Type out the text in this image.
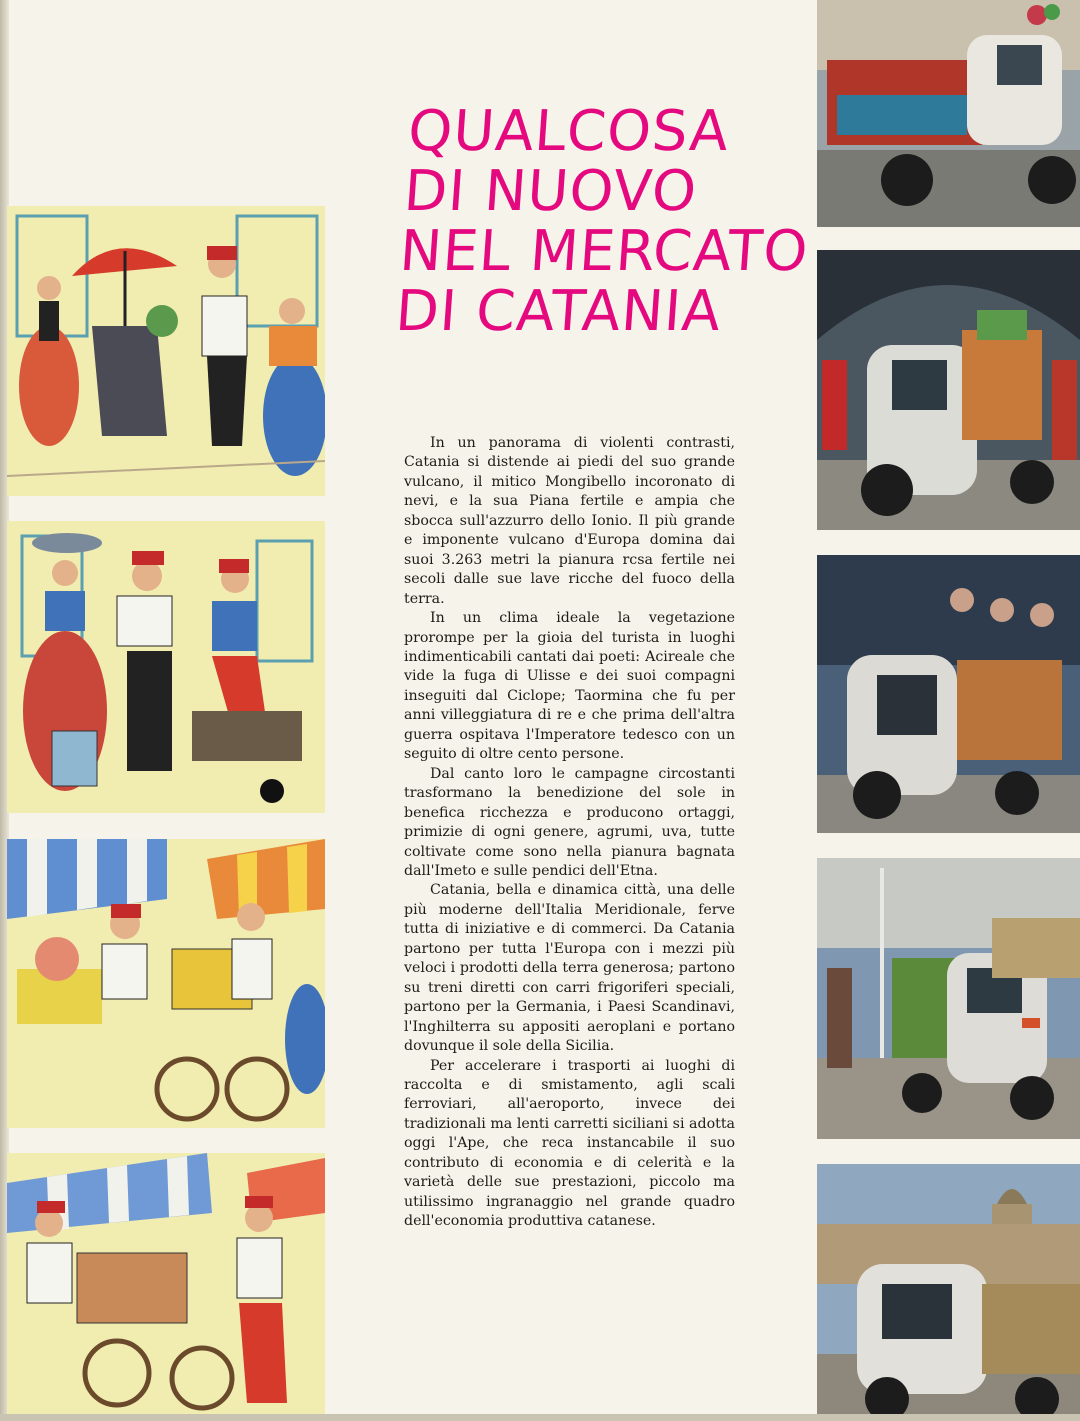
QUALCOSA
DI NUOVO
NEL MERCATO
DI CATANIA

In un panorama di violenti contrasti, Catania si distende ai piedi del suo grande vulcano, il mitico Mongibello incoronato di nevi, e la sua Piana fertile e ampia che sbocca sull'azzurro dello Ionio. Il più grande e imponente vulcano d'Europa domina dai suoi 3.263 metri la pianura rcsa fertile nei secoli dalle sue lave ricche del fuoco della terra.

In un clima ideale la vegetazione prorompe per la gioia del turista in luoghi indimenticabili cantati dai poeti: Acireale che vide la fuga di Ulisse e dei suoi compagni inseguiti dal Ciclope; Taormina che fu per anni villeggiatura di re e che prima dell'altra guerra ospitava l'Imperatore tedesco con un seguito di oltre cento persone.

Dal canto loro le campagne circostanti trasformano la benedizione del sole in benefica ricchezza e producono ortaggi, primizie di ogni genere, agrumi, uva, tutte coltivate come sono nella pianura bagnata dall'Imeto e sulle pendici dell'Etna.

Catania, bella e dinamica città, una delle più moderne dell'Italia Meridionale, ferve tutta di iniziative e di commerci. Da Catania partono per tutta l'Europa con i mezzi più veloci i prodotti della terra generosa; partono su treni diretti con carri frigoriferi speciali, partono per la Germania, i Paesi Scandinavi, l'Inghilterra su appositi aeroplani e portano dovunque il sole della Sicilia.

Per accelerare i trasporti ai luoghi di raccolta e di smistamento, agli scali ferroviari, all'aeroporto, invece dei tradizionali ma lenti carretti siciliani si adotta oggi l'Ape, che reca instancabile il suo contributo di economia e di celerità e la varietà delle sue prestazioni, piccolo ma utilissimo ingranaggio nel grande quadro dell'economia produttiva catanese.
